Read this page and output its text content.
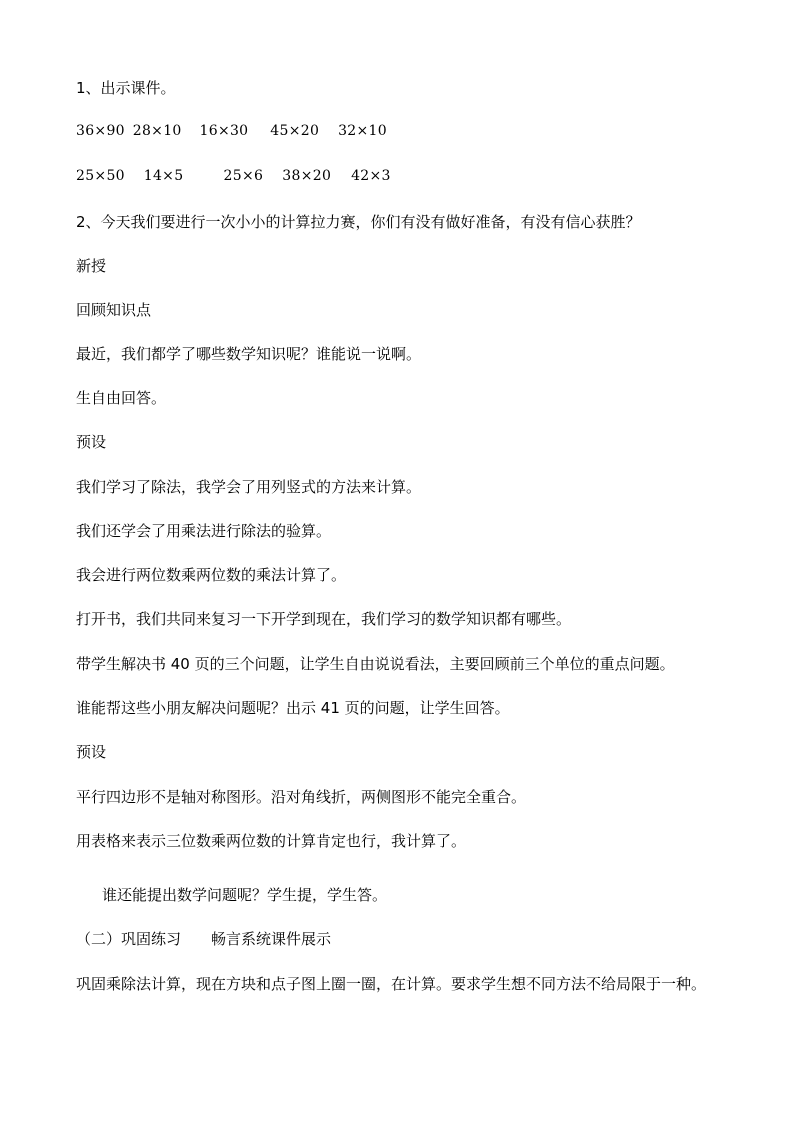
1、出示课件。
36×90 28×10 16×30 45×20 32×10
25×50 14×5	25×6 38×20 42×3
2、今天我们要进行一次小小的计算拉力赛，你们有没有做好准备，有没有信心获胜？
新授
回顾知识点
最近，我们都学了哪些数学知识呢？谁能说一说啊。
生自由回答。
预设
我们学习了除法，我学会了用列竖式的方法来计算。
我们还学会了用乘法进行除法的验算。
我会进行两位数乘两位数的乘法计算了。
打开书，我们共同来复习一下开学到现在，我们学习的数学知识都有哪些。
带学生解决书 40 页的三个问题，让学生自由说说看法，主要回顾前三个单位的重点问题。
谁能帮这些小朋友解决问题呢？出示 41 页的问题，让学生回答。
预设
平行四边形不是轴对称图形。沿对角线折，两侧图形不能完全重合。
用表格来表示三位数乘两位数的计算肯定也行，我计算了。
谁还能提出数学问题呢？学生提，学生答。
（二）巩固练习　　畅言系统课件展示
巩固乘除法计算，现在方块和点子图上圈一圈，在计算。要求学生想不同方法不给局限于一种。
